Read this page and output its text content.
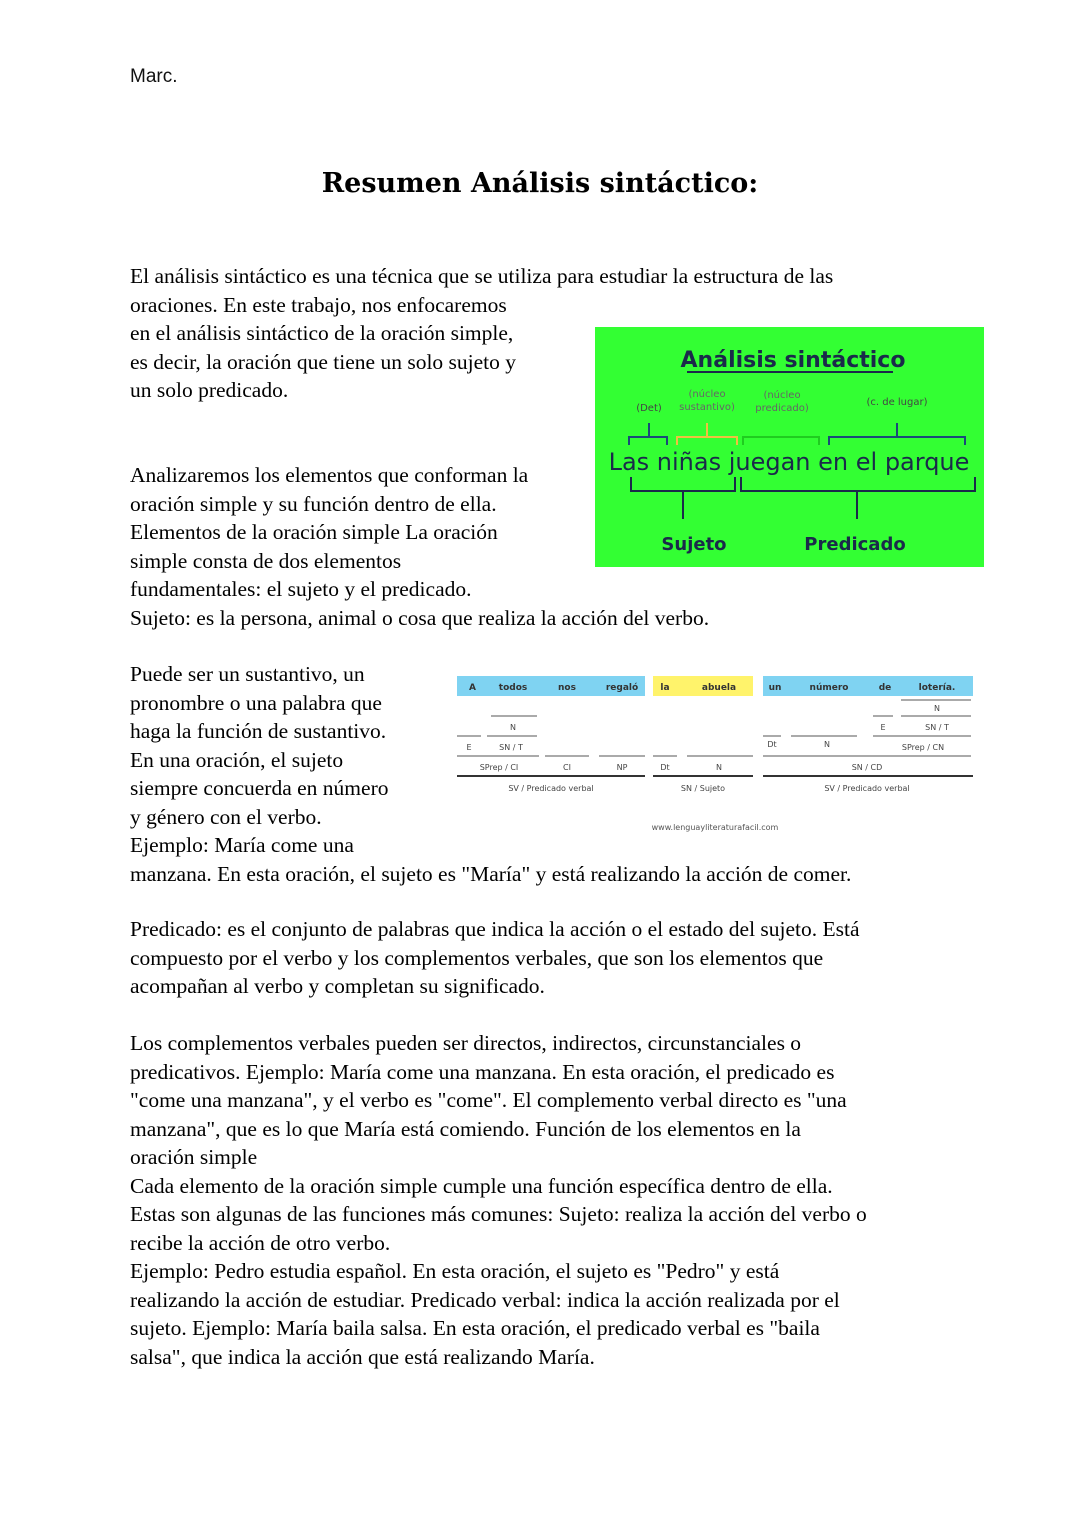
Marc.
Resumen Análisis sintáctico:

El análisis sintáctico es una técnica que se utiliza para estudiar la estructura de las
oraciones. En este trabajo, nos enfocaremos
en el análisis sintáctico de la oración simple,
es decir, la oración que tiene un solo sujeto y
un solo predicado.

Analizaremos los elementos que conforman la
oración simple y su función dentro de ella.
Elementos de la oración simple La oración
simple consta de dos elementos
fundamentales: el sujeto y el predicado.
Sujeto: es la persona, animal o cosa que realiza la acción del verbo.

Puede ser un sustantivo, un
pronombre o una palabra que
haga la función de sustantivo.
En una oración, el sujeto
siempre concuerda en número
y género con el verbo.
Ejemplo: María come una
manzana. En esta oración, el sujeto es "María" y está realizando la acción de comer.

Predicado: es el conjunto de palabras que indica la acción o el estado del sujeto. Está
compuesto por el verbo y los complementos verbales, que son los elementos que
acompañan al verbo y completan su significado.

Los complementos verbales pueden ser directos, indirectos, circunstanciales o
predicativos. Ejemplo: María come una manzana. En esta oración, el predicado es
"come una manzana", y el verbo es "come". El complemento verbal directo es "una
manzana", que es lo que María está comiendo. Función de los elementos en la
oración simple
Cada elemento de la oración simple cumple una función específica dentro de ella.
Estas son algunas de las funciones más comunes: Sujeto: realiza la acción del verbo o
recibe la acción de otro verbo.
Ejemplo: Pedro estudia español. En esta oración, el sujeto es "Pedro" y está
realizando la acción de estudiar. Predicado verbal: indica la acción realizada por el
sujeto. Ejemplo: María baila salsa. En esta oración, el predicado verbal es "baila
salsa", que indica la acción que está realizando María.

Análisis sintáctico
(Det)
(núcleo
sustantivo)
(núcleo
predicado)
(c. de lugar)
Las niñas juegan en el parque
Sujeto	Predicado
A	todos	nos	regaló la	abuela	un	número	de	lotería.
N
N	E	SN / T
E	SN / T	Dt	N	SPrep / CN
SPrep / CI	CI	NP	Dt	N	SN / CD
SV / Predicado verbal	SN / Sujeto	SV / Predicado verbal
www.lenguayliteraturafacil.com
